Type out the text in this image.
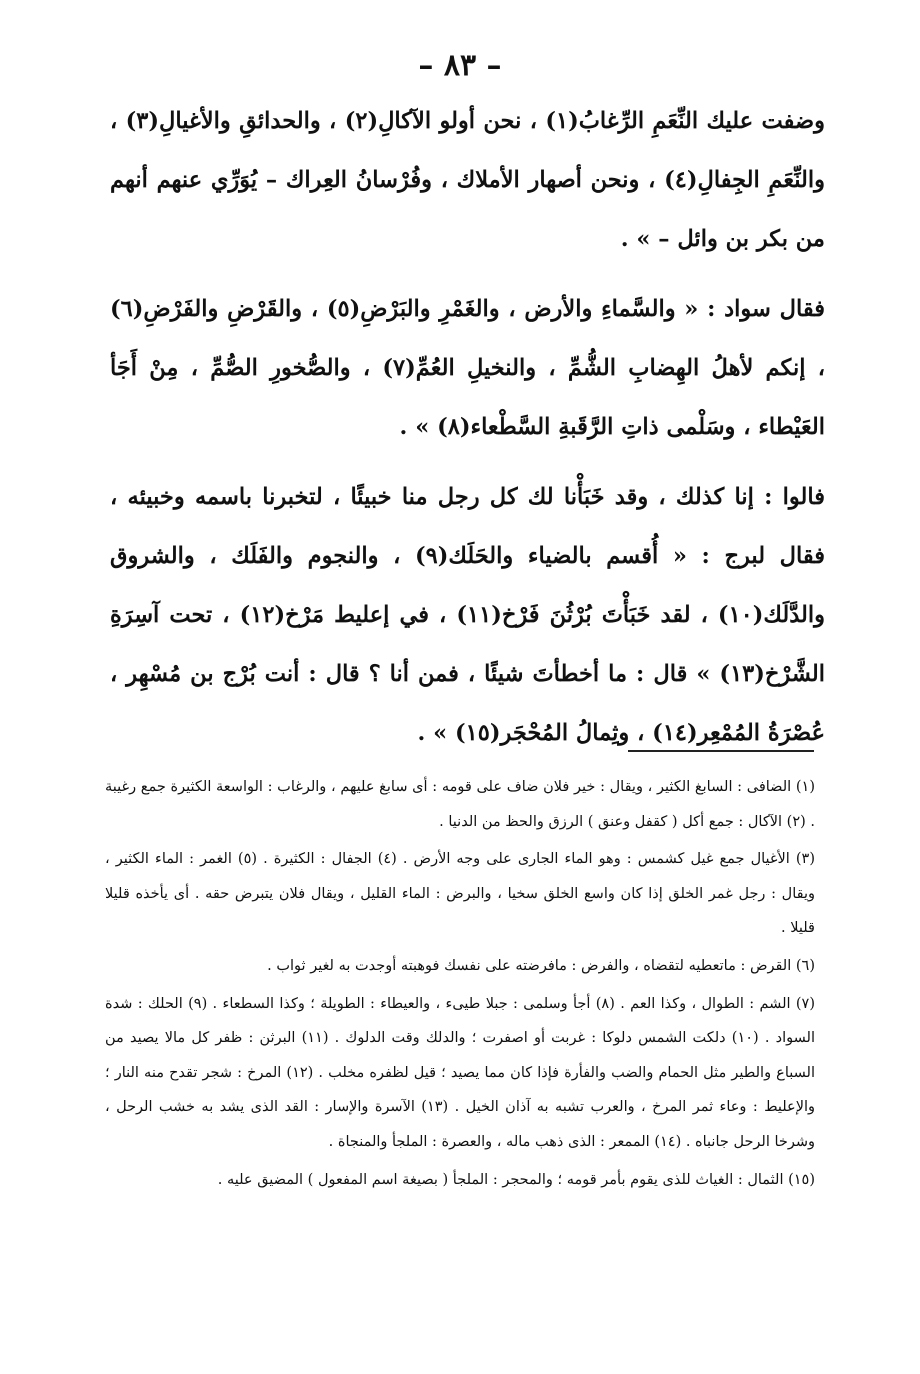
– ٨٣ –

وضفت عليك النِّعَمِ الرِّغابُ(١) ، نحن أولو الآكالِ(٢) ، والحدائقِ والأغيالِ(٣) ، والنِّعَمِ الجِفالِ(٤) ، ونحن أصهار الأملاك ، وفُرْسانُ العِراك – يُوَرِّي عنهم أنهم من بكر بن وائل – » .

فقال سواد : « والسَّماءِ والأرض ، والغَمْرِ والبَرْضِ(٥) ، والقَرْضِ والفَرْضِ(٦) ، إنكم لأهلُ الهِضابِ الشُّمِّ ، والنخيلِ العُمِّ(٧) ، والصُّخورِ الصُّمِّ ، مِنْ أَجَأ العَيْطاء ، وسَلْمى ذاتِ الرَّقَبةِ السَّطْعاء(٨) » .

فالوا : إنا كذلك ، وقد خَبَأْنا لك كل رجل منا خبيئًا ، لتخبرنا باسمه وخبيئه ، فقال لبرج : « أُقسم بالضياء والحَلَك(٩) ، والنجوم والفَلَك ، والشروق والدَّلَك(١٠) ، لقد خَبَأْتَ بُرْثُنَ فَرْخ(١١) ، في إعليط مَرْخ(١٢) ، تحت آسِرَةِ الشَّرْخ(١٣) » قال : ما أخطأتَ شيئًا ، فمن أنا ؟ قال : أنت بُرْج بن مُسْهِر ، عُصْرَةُ المُمْعِر(١٤) ، وثِمالُ المُحْجَر(١٥) » .

(١) الضافى : السابغ الكثير ، ويقال : خير فلان ضاف على قومه : أى سابغ عليهم ، والرغاب : الواسعة الكثيرة جمع رغيبة . (٢) الآكال : جمع أكل ( كقفل وعنق ) الرزق والحظ من الدنيا .

(٣) الأغيال جمع غيل كشمس : وهو الماء الجارى على وجه الأرض . (٤) الجفال : الكثيرة . (٥) الغمر : الماء الكثير ، ويقال : رجل غمر الخلق إذا كان واسع الخلق سخيا ، والبرض : الماء القليل ، ويقال فلان يتبرض حقه . أى يأخذه قليلا قليلا .

(٦) القرض : ماتعطيه لتقضاه ، والفرض : مافرضته على نفسك فوهبته أوجدت به لغير ثواب .

(٧) الشم : الطوال ، وكذا العم . (٨) أجأ وسلمى : جبلا طيىء ، والعيطاء : الطويلة ؛ وكذا السطعاء . (٩) الحلك : شدة السواد . (١٠) دلكت الشمس دلوكا : غربت أو اصفرت ؛ والدلك وقت الدلوك . (١١) البرثن : ظفر كل مالا يصيد من السباع والطير مثل الحمام والضب والفأرة فإذا كان مما يصيد ؛ قيل لظفره مخلب . (١٢) المرخ : شجر تقدح منه النار ؛ والإعليط : وعاء ثمر المرخ ، والعرب تشبه به آذان الخيل . (١٣) الآسرة والإسار : القد الذى يشد به خشب الرحل ، وشرخا الرحل جانباه . (١٤) الممعر : الذى ذهب ماله ، والعصرة : الملجأ والمنجاة .

(١٥) الثمال : الغياث للذى يقوم بأمر قومه ؛ والمحجر : الملجأ ( بصيغة اسم المفعول ) المضيق عليه .
